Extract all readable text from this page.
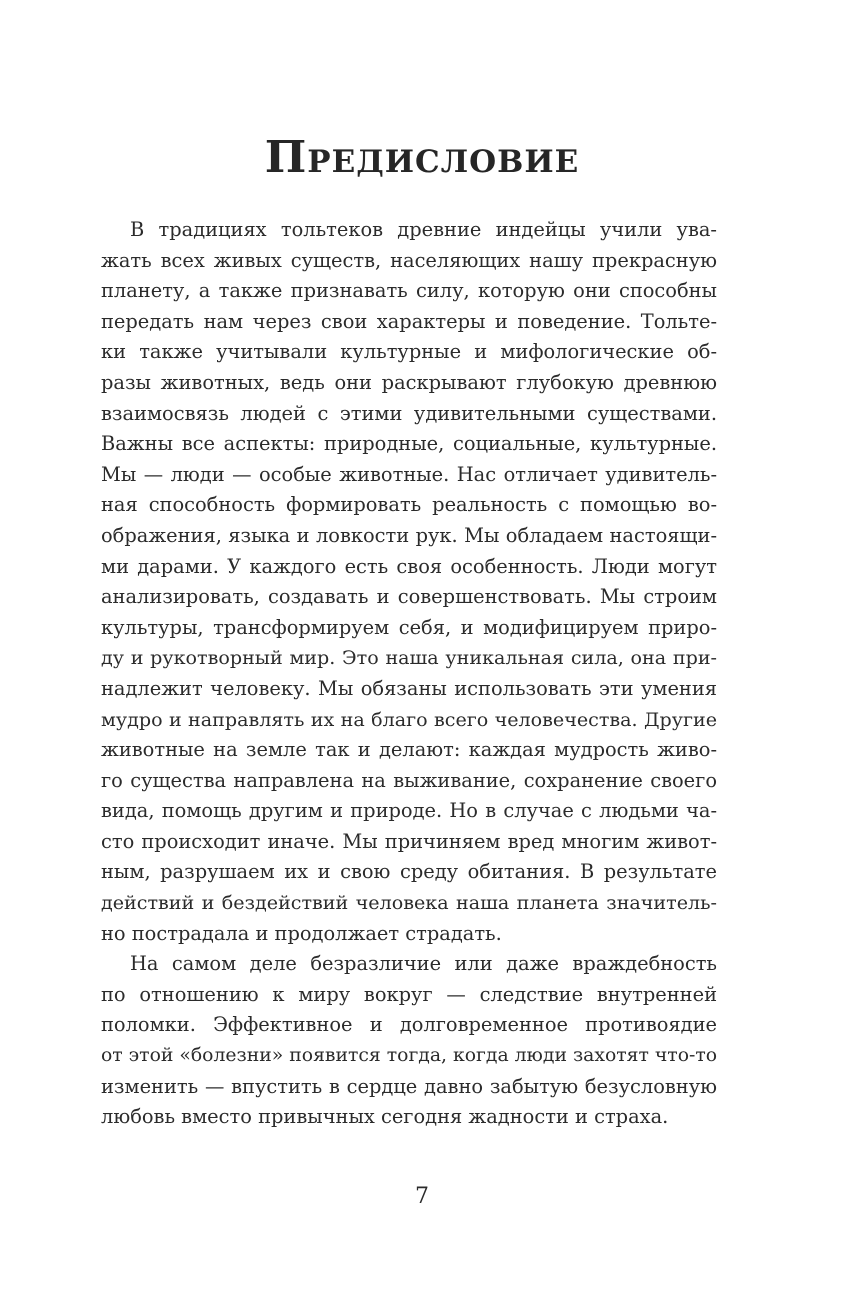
Предисловие
В традициях тольтеков древние индейцы учили ува-
жать всех живых существ, населяющих нашу прекрасную
планету, а также признавать силу, которую они способны
передать нам через свои характеры и поведение. Тольте-
ки также учитывали культурные и мифологические об-
разы животных, ведь они раскрывают глубокую древнюю
взаимосвязь людей с этими удивительными существами.
Важны все аспекты: природные, социальные, культурные.
Мы — люди — особые животные. Нас отличает удивитель-
ная способность формировать реальность с помощью во-
ображения, языка и ловкости рук. Мы обладаем настоящи-
ми дарами. У каждого есть своя особенность. Люди могут
анализировать, создавать и совершенствовать. Мы строим
культуры, трансформируем себя, и модифицируем приро-
ду и рукотворный мир. Это наша уникальная сила, она при-
надлежит человеку. Мы обязаны использовать эти умения
мудро и направлять их на благо всего человечества. Другие
животные на земле так и делают: каждая мудрость живо-
го существа направлена на выживание, сохранение своего
вида, помощь другим и природе. Но в случае с людьми ча-
сто происходит иначе. Мы причиняем вред многим живот-
ным, разрушаем их и свою среду обитания. В результате
действий и бездействий человека наша планета значитель-
но пострадала и продолжает страдать.
На самом деле безразличие или даже враждебность
по отношению к миру вокруг — следствие внутренней
поломки. Эффективное и долговременное противоядие
от этой «болезни» появится тогда, когда люди захотят что-то
изменить — впустить в сердце давно забытую безусловную
любовь вместо привычных сегодня жадности и страха.
7
